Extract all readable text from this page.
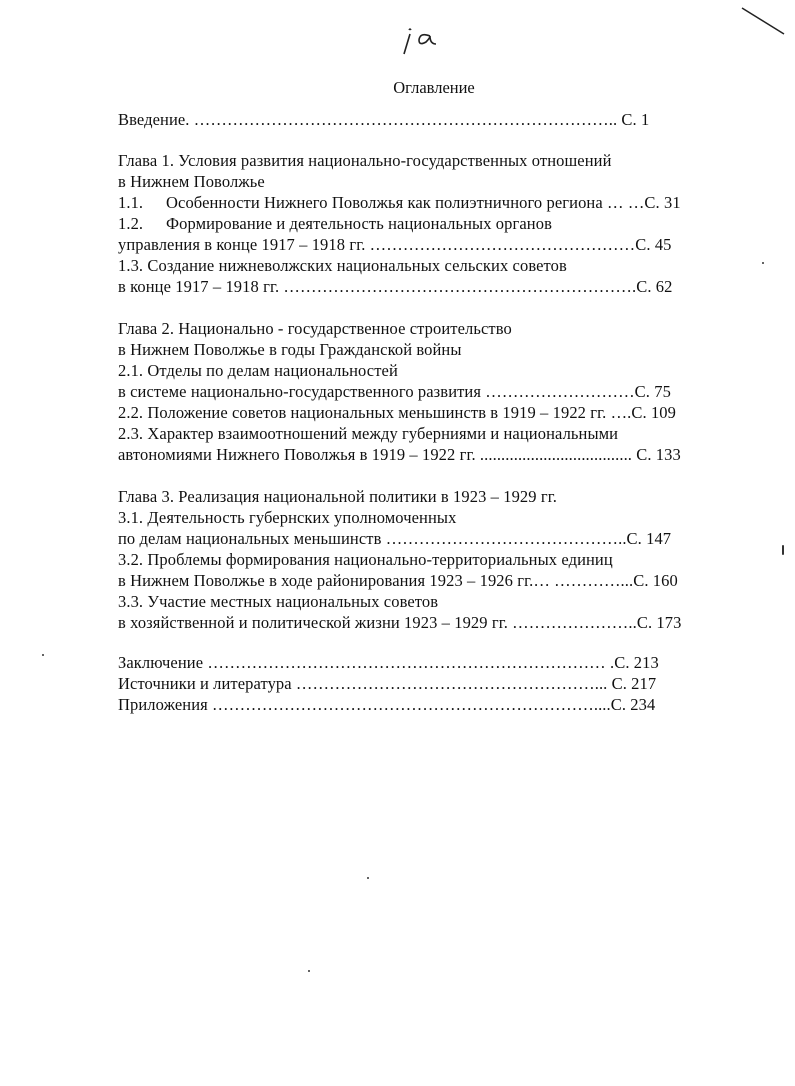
Оглавление
Введение. ………………………………………………………………….. С. 1
Глава 1. Условия развития национально-государственных отношений
в Нижнем Поволжье
1.1. Особенности Нижнего Поволжья как полиэтничного региона … …С. 31
1.2. Формирование и деятельность национальных органов
управления в конце 1917 – 1918 гг. …………………………………………С. 45
1.3. Создание нижневолжских национальных сельских советов
в конце 1917 – 1918 гг. ……………………………………………………….С. 62
Глава 2. Национально - государственное строительство
в Нижнем Поволжье в годы Гражданской войны
2.1. Отделы по делам национальностей
в системе национально-государственного развития ………………………С. 75
2.2. Положение советов национальных меньшинств в 1919 – 1922 гг. ….С. 109
2.3. Характер взаимоотношений между губерниями и национальными
автономиями Нижнего Поволжья в 1919 – 1922 гг. .................................... С. 133
Глава 3. Реализация национальной политики в 1923 – 1929 гг.
3.1. Деятельность губернских уполномоченных
по делам национальных меньшинств ……………………………………..С. 147
3.2. Проблемы формирования национально-территориальных единиц
в Нижнем Поволжье в ходе районирования 1923 – 1926 гг.… …………...С. 160
3.3. Участие местных национальных советов
в хозяйственной и политической жизни 1923 – 1929 гг. …………………..С. 173
Заключение ……………………………………………………………… .С. 213
Источники и литература ………………………………………………... С. 217
Приложения ……………………………………………………………....С. 234
